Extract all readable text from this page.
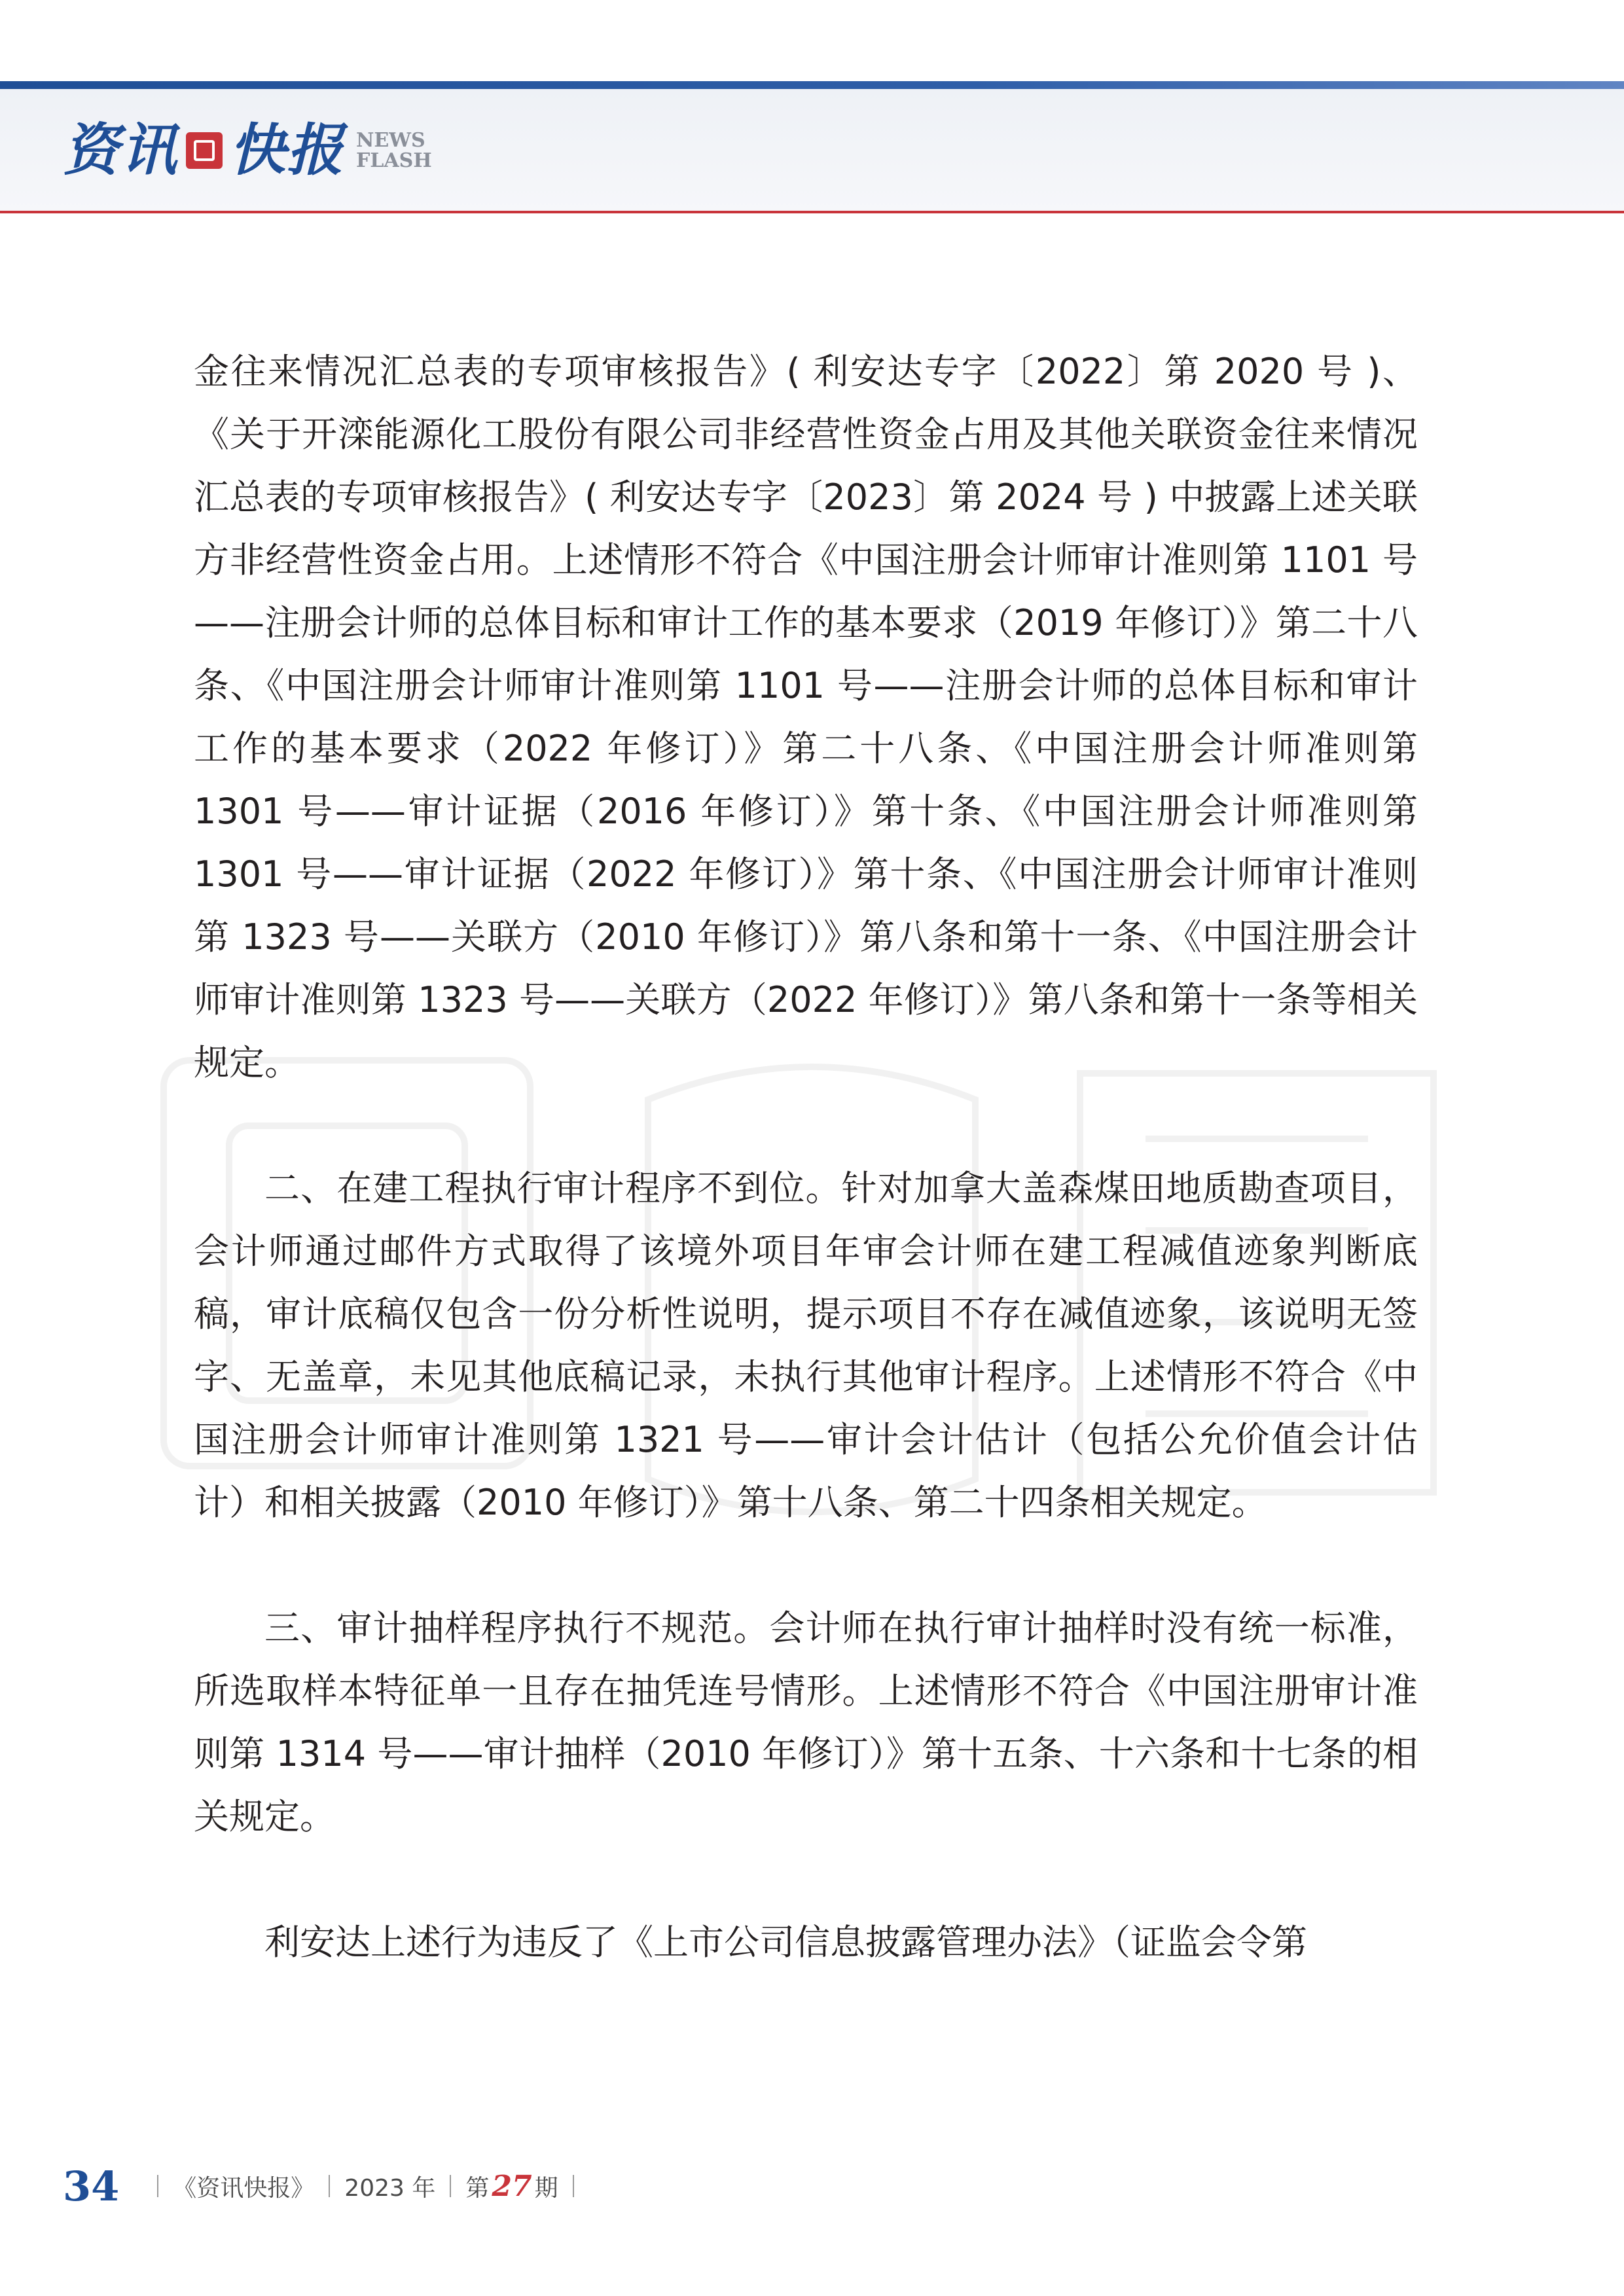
资讯 快报 NEWS
FLASH

金往来情况汇总表的专项审核报告》( 利安达专字〔2022〕第 2020 号 )、《关于开滦能源化工股份有限公司非经营性资金占用及其他关联资金往来情况汇总表的专项审核报告》( 利安达专字〔2023〕第 2024 号 ) 中披露上述关联方非经营性资金占用。上述情形不符合《中国注册会计师审计准则第 1101 号——注册会计师的总体目标和审计工作的基本要求（2019 年修订）》第二十八条、《中国注册会计师审计准则第 1101 号——注册会计师的总体目标和审计工作的基本要求（2022 年修订）》第二十八条、《中国注册会计师准则第 1301 号——审计证据（2016 年修订）》第十条、《中国注册会计师准则第 1301 号——审计证据（2022 年修订）》第十条、《中国注册会计师审计准则第 1323 号——关联方（2010 年修订）》第八条和第十一条、《中国注册会计师审计准则第 1323 号——关联方（2022 年修订）》第八条和第十一条等相关规定。

二、在建工程执行审计程序不到位。针对加拿大盖森煤田地质勘查项目，会计师通过邮件方式取得了该境外项目年审会计师在建工程减值迹象判断底稿，审计底稿仅包含一份分析性说明，提示项目不存在减值迹象，该说明无签字、无盖章，未见其他底稿记录，未执行其他审计程序。上述情形不符合《中国注册会计师审计准则第 1321 号——审计会计估计（包括公允价值会计估计）和相关披露（2010 年修订）》第十八条、第二十四条相关规定。

三、审计抽样程序执行不规范。会计师在执行审计抽样时没有统一标准，所选取样本特征单一且存在抽凭连号情形。上述情形不符合《中国注册审计准则第 1314 号——审计抽样（2010 年修订）》第十五条、十六条和十七条的相关规定。

利安达上述行为违反了《上市公司信息披露管理办法》（证监会令第

34 《资讯快报》 2023 年 第 27 期
